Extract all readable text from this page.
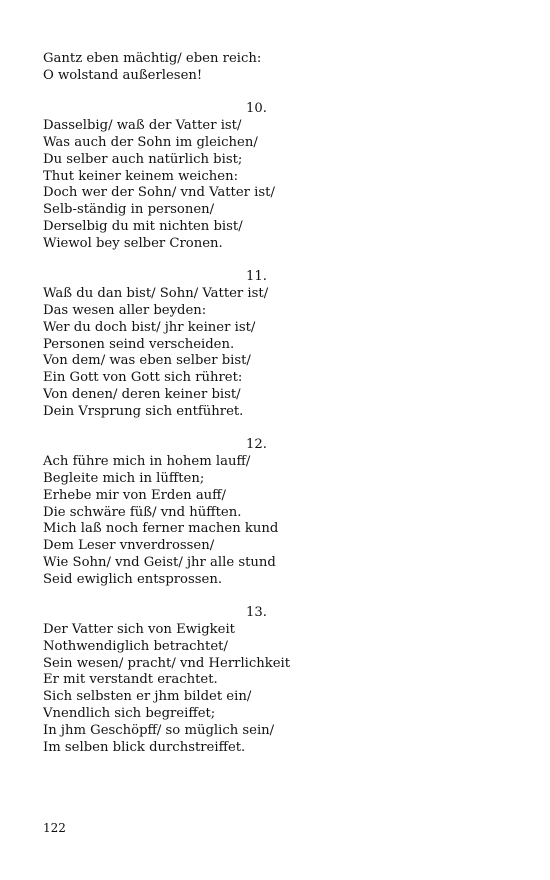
Gantz eben mächtig/ eben reich:
O wolstand außerlesen!
10.
Dasselbig/ waß der Vatter ist/
Was auch der Sohn im gleichen/
Du selber auch natürlich bist;
Thut keiner keinem weichen:
Doch wer der Sohn/ vnd Vatter ist/
Selb-ständig in personen/
Derselbig du mit nichten bist/
Wiewol bey selber Cronen.
11.
Waß du dan bist/ Sohn/ Vatter ist/
Das wesen aller beyden:
Wer du doch bist/ jhr keiner ist/
Personen seind verscheiden.
Von dem/ was eben selber bist/
Ein Gott von Gott sich rühret:
Von denen/ deren keiner bist/
Dein Vrsprung sich entführet.
12.
Ach führe mich in hohem lauff/
Begleite mich in lüfften;
Erhebe mir von Erden auff/
Die schwäre füß/ vnd hüfften.
Mich laß noch ferner machen kund
Dem Leser vnverdrossen/
Wie Sohn/ vnd Geist/ jhr alle stund
Seid ewiglich entsprossen.
13.
Der Vatter sich von Ewigkeit
Nothwendiglich betrachtet/
Sein wesen/ pracht/ vnd Herrlichkeit
Er mit verstandt erachtet.
Sich selbsten er jhm bildet ein/
Vnendlich sich begreiffet;
In jhm Geschöpff/ so müglich sein/
Im selben blick durchstreiffet.
122
